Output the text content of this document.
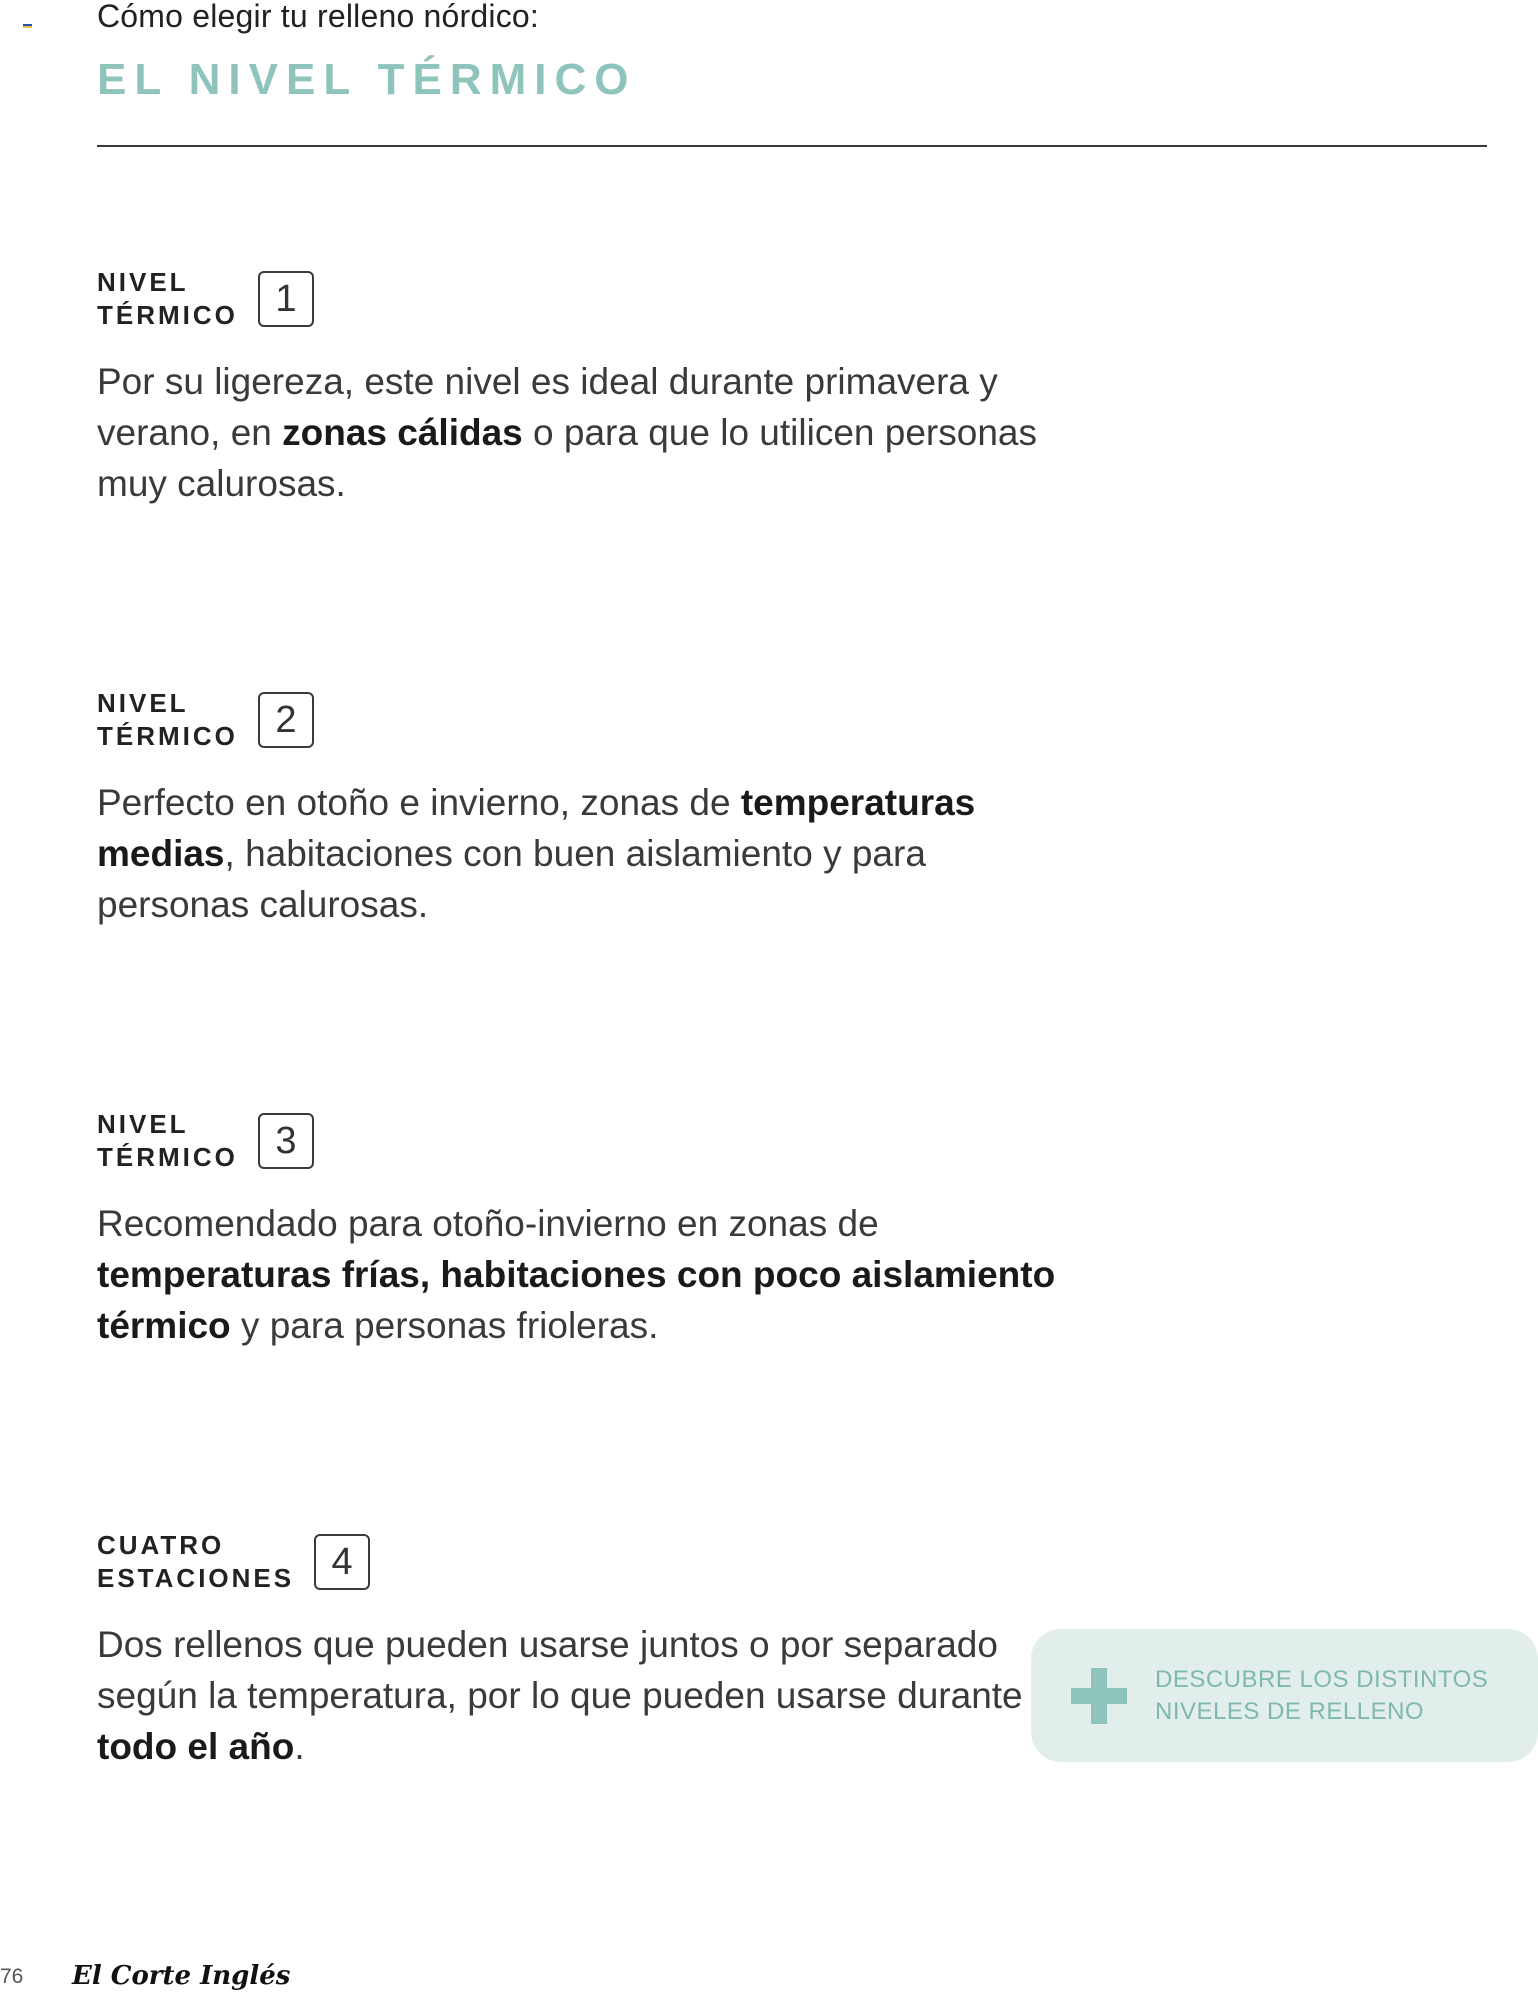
Cómo elegir tu relleno nórdico:
EL NIVEL TÉRMICO
NIVEL
TÉRMICO 1
Por su ligereza, este nivel es ideal durante primavera y verano, en zonas cálidas o para que lo utilicen personas muy calurosas.
NIVEL
TÉRMICO 2
Perfecto en otoño e invierno, zonas de temperaturas medias, habitaciones con buen aislamiento y para personas calurosas.
NIVEL
TÉRMICO 3
Recomendado para otoño-invierno en zonas de temperaturas frías, habitaciones con poco aislamiento térmico y para personas frioleras.
CUATRO
ESTACIONES 4
Dos rellenos que pueden usarse juntos o por separado según la temperatura, por lo que pueden usarse durante todo el año.
DESCUBRE LOS DISTINTOS
NIVELES DE RELLENO
76 El Corte Inglés
